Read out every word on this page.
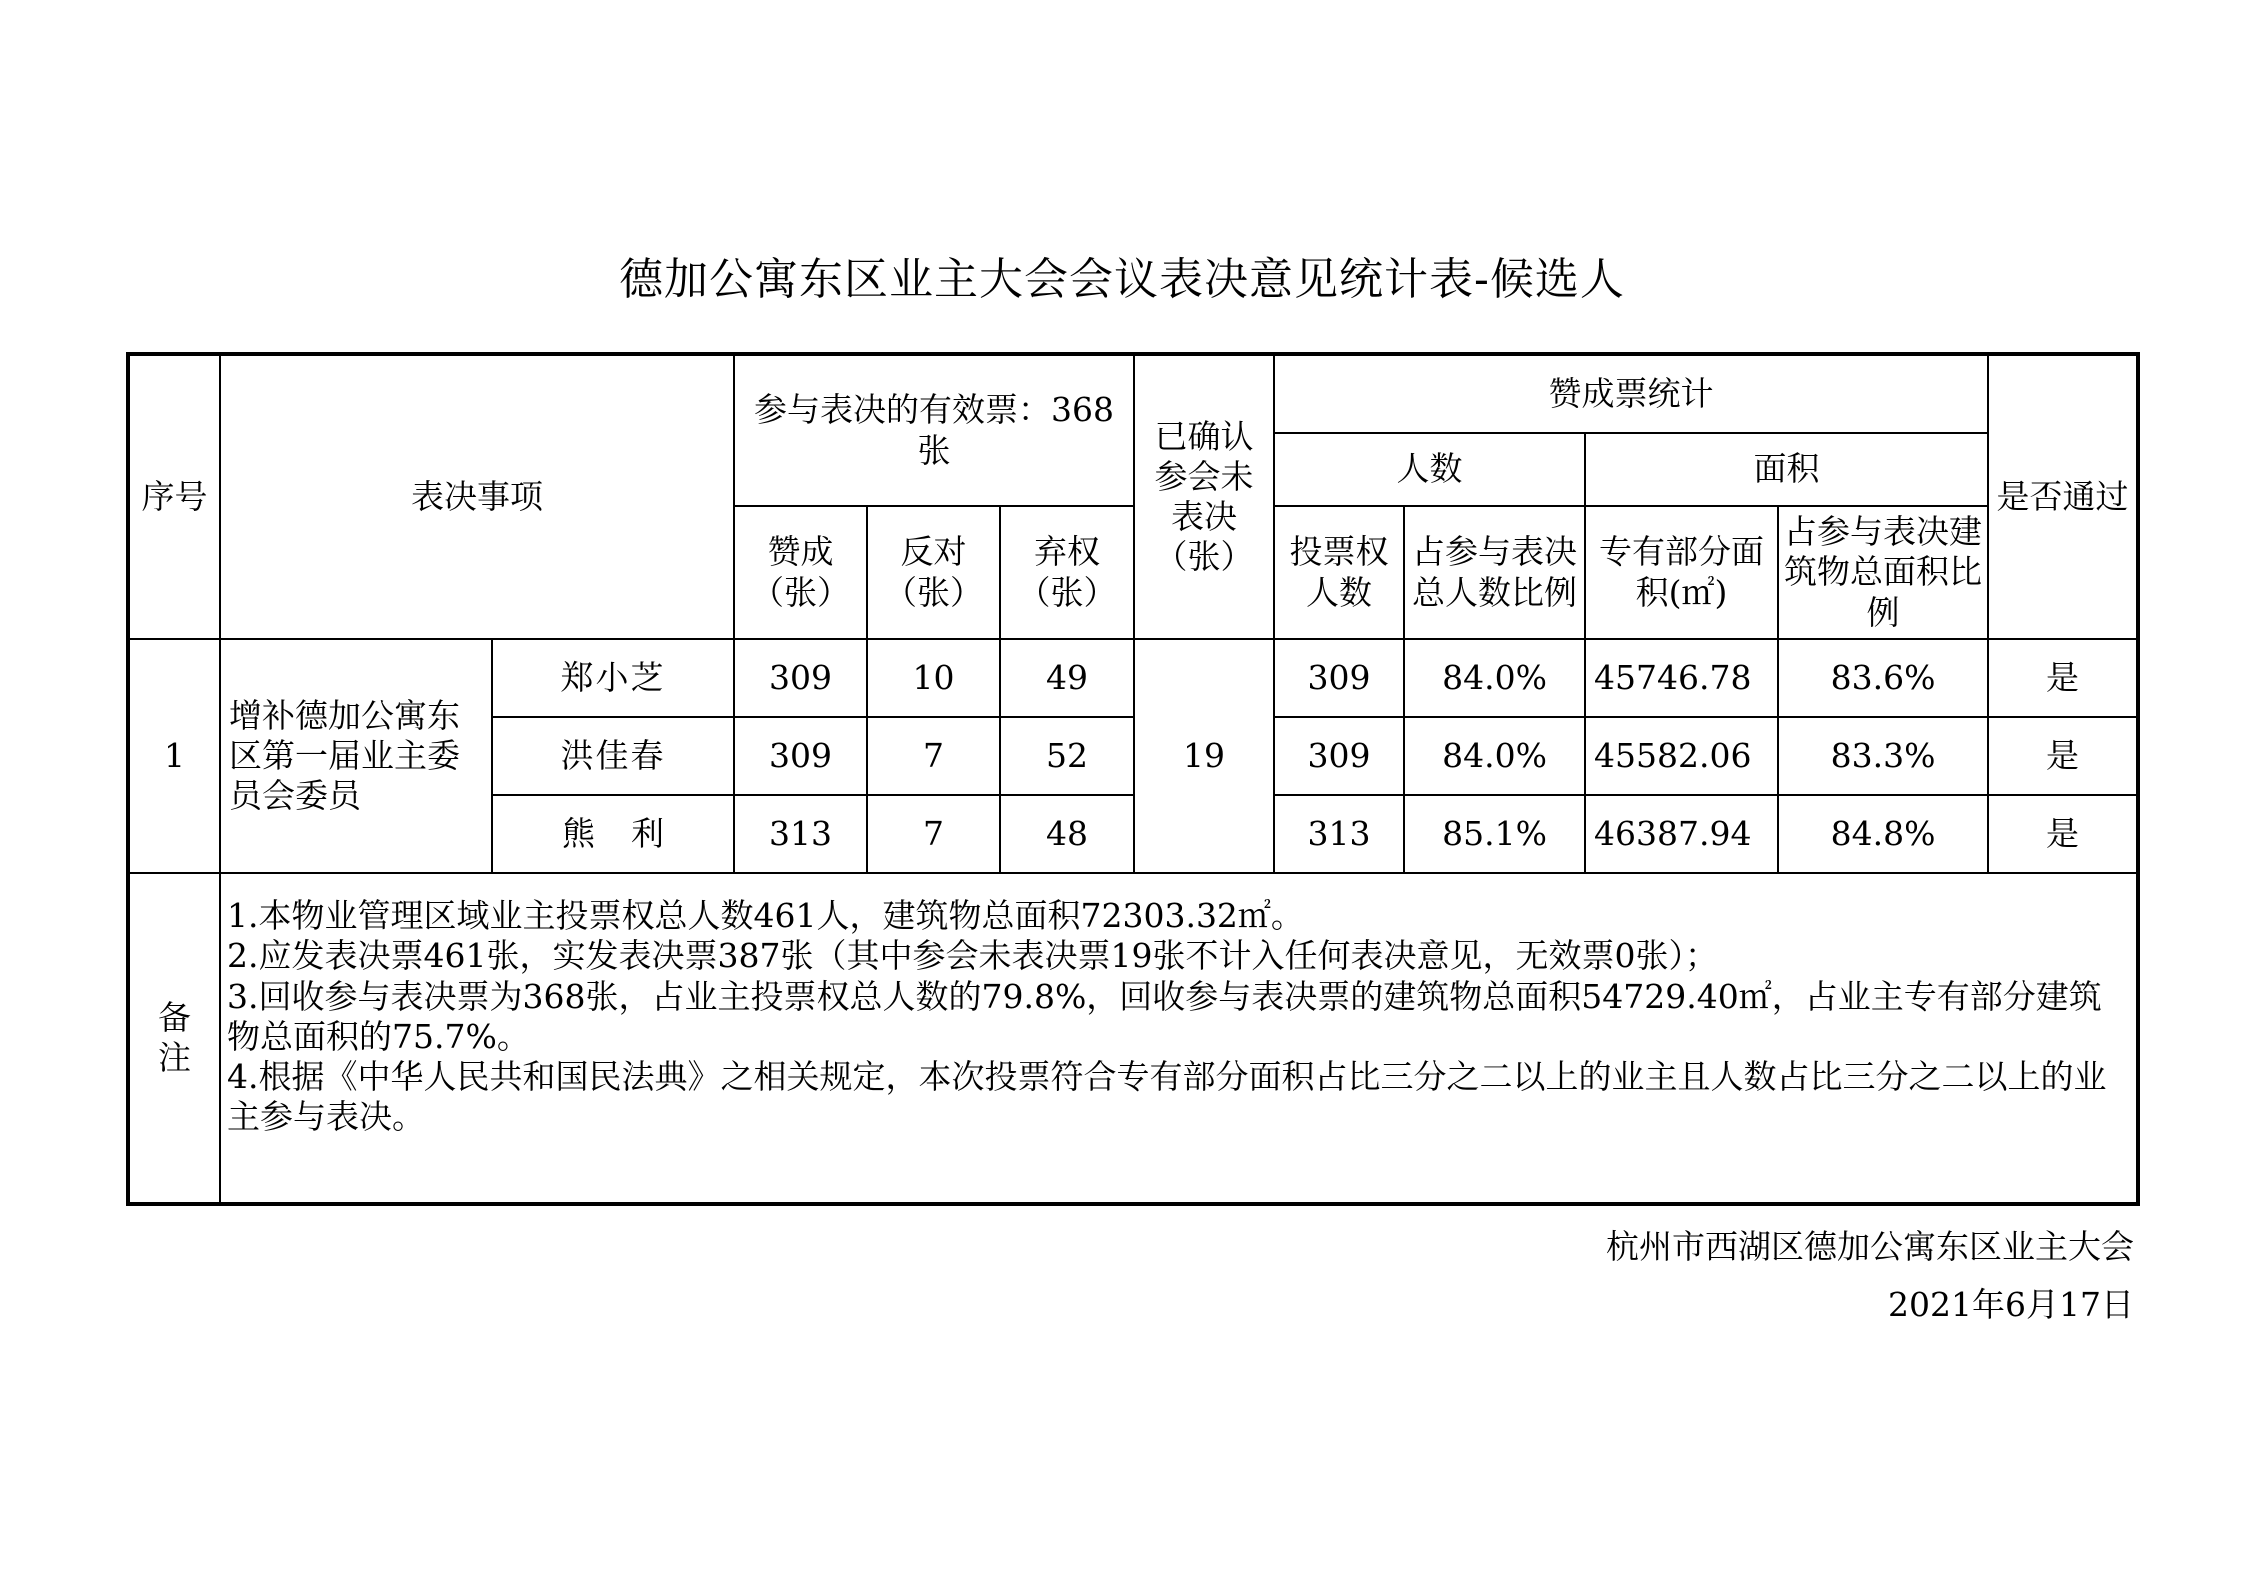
德加公寓东区业主大会会议表决意见统计表-候选人
序号	表决事项		参与表决的有效票：368张			已确认参会未表决（张）	赞成票统计				是否通过
							人数		面积		
			赞成（张）	反对（张）	弃权（张）		投票权人数	占参与表决总人数比例	专有部分面积(㎡)	占参与表决建筑物总面积比例	
1	增补德加公寓东区第一届业主委员会委员	郑小芝	309	10	49	19	309	84.0%	45746.78	83.6%	是
		洪佳春	309	7	52		309	84.0%	45582.06	83.3%	是
		熊利	313	7	48		313	85.1%	46387.94	84.8%	是
备注	1.本物业管理区域业主投票权总人数461人，建筑物总面积72303.32㎡。
2.应发表决票461张，实发表决票387张（其中参会未表决票19张不计入任何表决意见，无效票0张）；
3.回收参与表决票为368张，占业主投票权总人数的79.8%，回收参与表决票的建筑物总面积54729.40㎡，占业主专有部分建筑物总面积的75.7%。
4.根据《中华人民共和国民法典》之相关规定，本次投票符合专有部分面积占比三分之二以上的业主且人数占比三分之二以上的业主参与表决。										
杭州市西湖区德加公寓东区业主大会
2021年6月17日
